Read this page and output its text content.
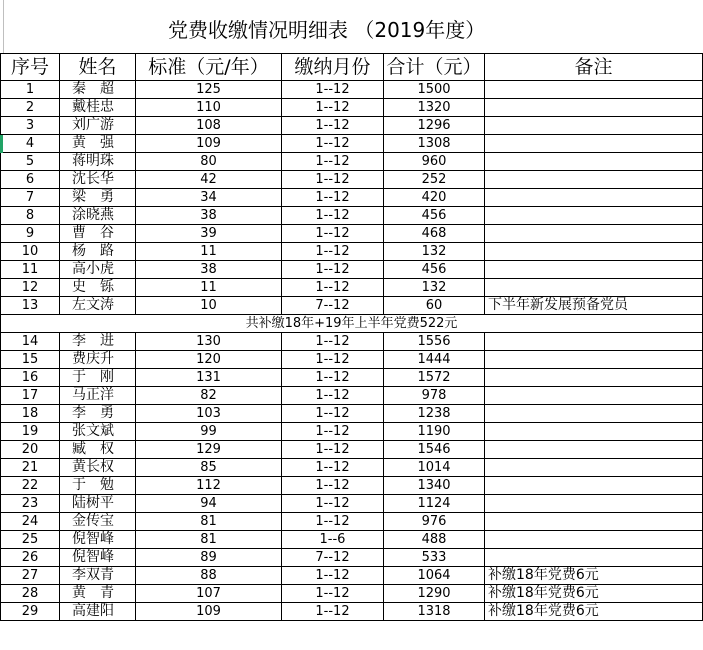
党费收缴情况明细表 （2019年度）
序号	姓名	标准（元/年）	缴纳月份	合计（元）	备注
1	秦　超	125	1--12	1500	
2	戴桂忠	110	1--12	1320	
3	刘广游	108	1--12	1296	
4	黄　强	109	1--12	1308	
5	蒋明珠	80	1--12	960	
6	沈长华	42	1--12	252	
7	梁　勇	34	1--12	420	
8	涂晓燕	38	1--12	456	
9	曹　谷	39	1--12	468	
10	杨　路	11	1--12	132	
11	高小虎	38	1--12	456	
12	史　铄	11	1--12	132	
13	左文涛	10	7--12	60	下半年新发展预备党员
共补缴18年+19年上半年党费522元					
14	李　进	130	1--12	1556	
15	费庆升	120	1--12	1444	
16	于　刚	131	1--12	1572	
17	马正洋	82	1--12	978	
18	李　勇	103	1--12	1238	
19	张文斌	99	1--12	1190	
20	臧　权	129	1--12	1546	
21	黄长权	85	1--12	1014	
22	于　勉	112	1--12	1340	
23	陆树平	94	1--12	1124	
24	金传宝	81	1--12	976	
25	倪智峰	81	1--6	488	
26	倪智峰	89	7--12	533	
27	李双青	88	1--12	1064	补缴18年党费6元
28	黄　青	107	1--12	1290	补缴18年党费6元
29	高建阳	109	1--12	1318	补缴18年党费6元
